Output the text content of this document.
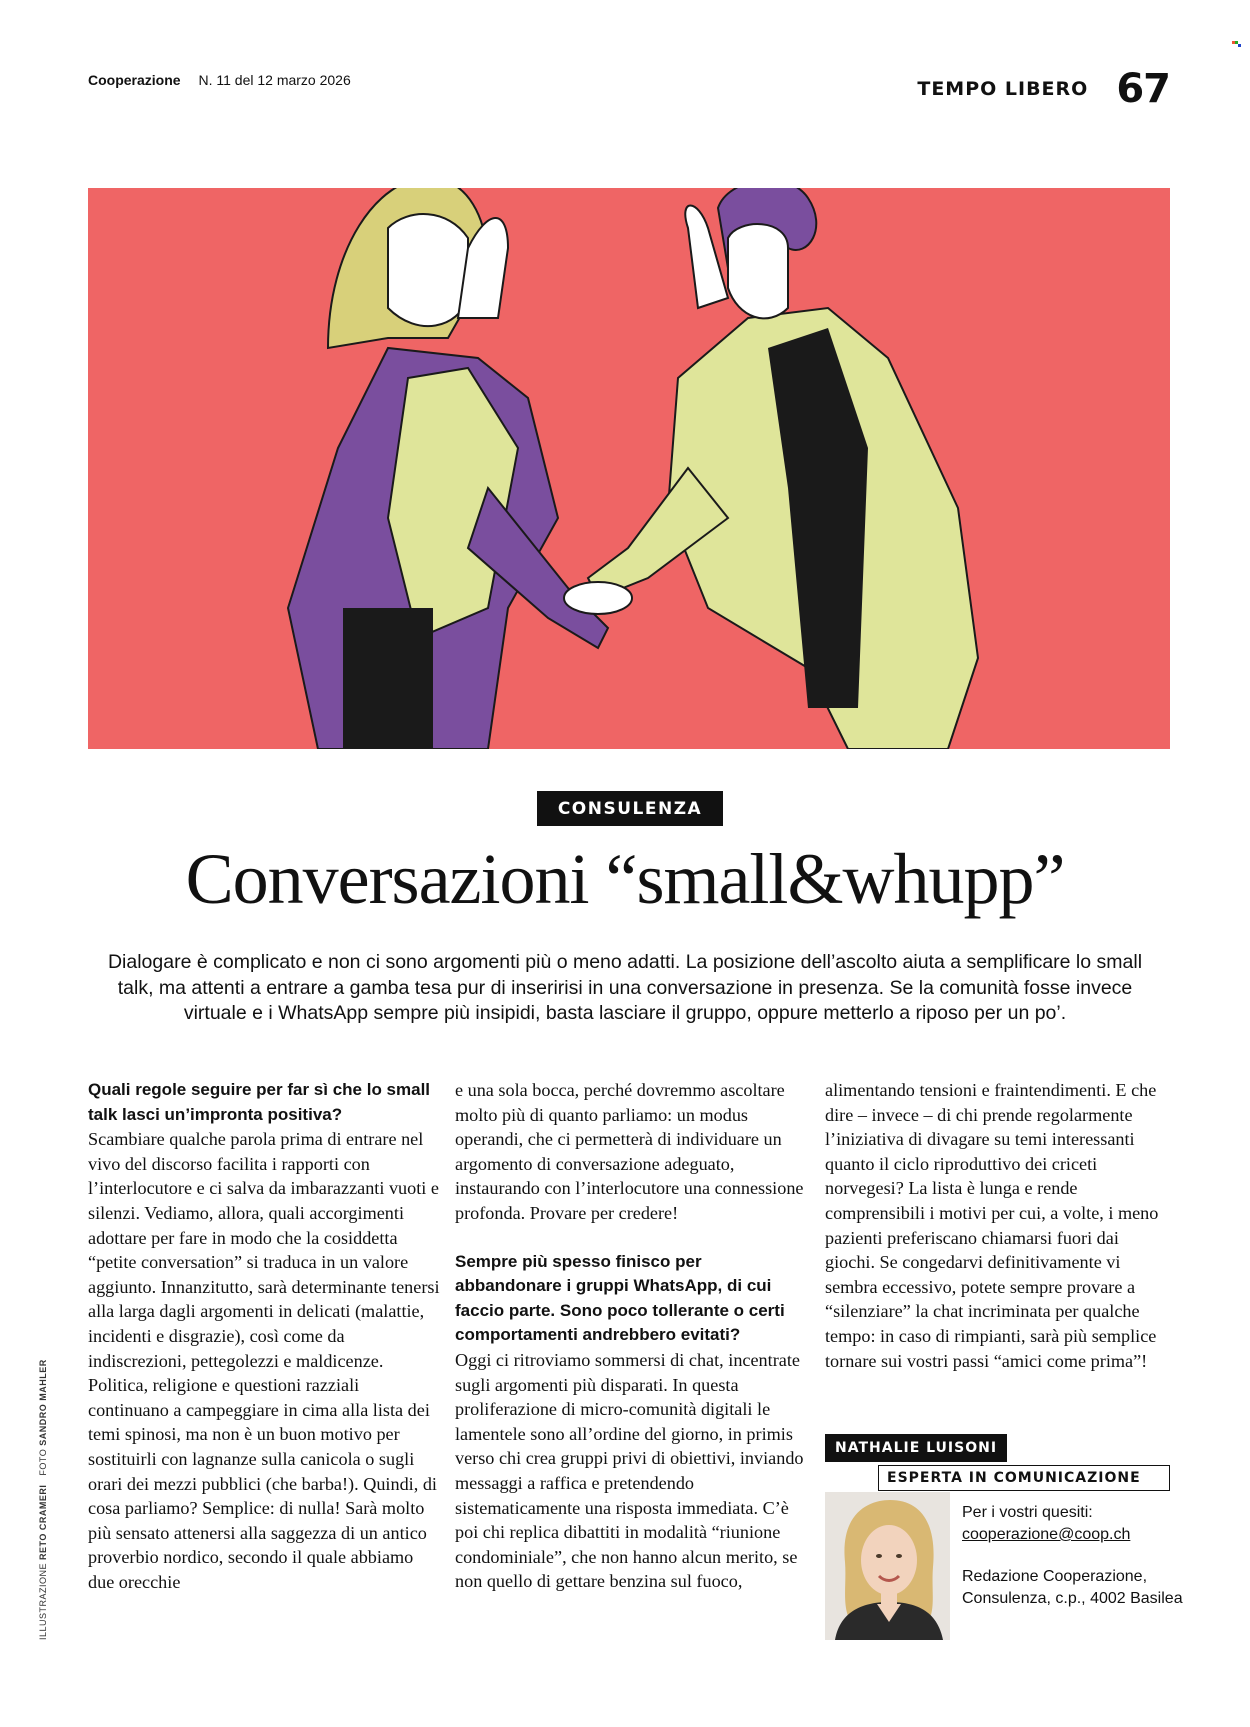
Cooperazione N. 11 del 12 marzo 2026	TEMPO LIBERO 67
CONSULENZA
Conversazioni “small&whupp”
Dialogare è complicato e non ci sono argomenti più o meno adatti. La posizione dell’ascolto aiuta a semplificare lo small talk, ma attenti a entrare a gamba tesa pur di inseririsi in una conversazione in presenza. Se la comunità fosse invece virtuale e i WhatsApp sempre più insipidi, basta lasciare il gruppo, oppure metterlo a riposo per un po’.

Quali regole seguire per far sì che lo small talk lasci un’impronta positiva?

Scambiare qualche parola prima di entrare nel vivo del discorso facilita i rapporti con l’interlocutore e ci salva da imbarazzanti vuoti e silenzi. Vediamo, allora, quali accorgimenti adottare per fare in modo che la cosiddetta “petite conversation” si traduca in un valore aggiunto. Innanzitutto, sarà determinante tenersi alla larga dagli argomenti in delicati (malattie, incidenti e disgrazie), così come da indiscrezioni, pettegolezzi e maldicenze. Politica, religione e questioni razziali continuano a campeggiare in cima alla lista dei temi spinosi, ma non è un buon motivo per sostituirli con lagnanze sulla canicola o sugli orari dei mezzi pubblici (che barba!). Quindi, di cosa parliamo? Semplice: di nulla! Sarà molto più sensato attenersi alla saggezza di un antico proverbio nordico, secondo il quale abbiamo due orecchie

e una sola bocca, perché dovremmo ascoltare molto più di quanto parliamo: un modus operandi, che ci permetterà di individuare un argomento di conversazione adeguato, instaurando con l’interlocutore una connessione profonda. Provare per credere!

Sempre più spesso finisco per abbandonare i gruppi WhatsApp, di cui faccio parte. Sono poco tollerante o certi comportamenti andrebbero evitati?

Oggi ci ritroviamo sommersi di chat, incentrate sugli argomenti più disparati. In questa proliferazione di micro-comunità digitali le lamentele sono all’ordine del giorno, in primis verso chi crea gruppi privi di obiettivi, inviando messaggi a raffica e pretendendo sistematicamente una risposta immediata. C’è poi chi replica dibattiti in modalità “riunione condominiale”, che non hanno alcun merito, se non quello di gettare benzina sul fuoco,

alimentando tensioni e fraintendimenti. E che dire – invece – di chi prende regolarmente l’iniziativa di divagare su temi interessanti quanto il ciclo riproduttivo dei criceti norvegesi? La lista è lunga e rende comprensibili i motivi per cui, a volte, i meno pazienti preferiscano chiamarsi fuori dai giochi. Se congedarvi definitivamente vi sembra eccessivo, potete sempre provare a “silenziare” la chat incriminata per qualche tempo: in caso di rimpianti, sarà più semplice tornare sui vostri passi “amici come prima”!

ILLUSTRAZIONE RETO CRAMERI   FOTO SANDRO MAHLER
NATHALIE LUISONI
ESPERTA IN COMUNICAZIONE
Per i vostri quesiti:
cooperazione@coop.ch
Redazione Cooperazione,
Consulenza, c.p., 4002 Basilea
